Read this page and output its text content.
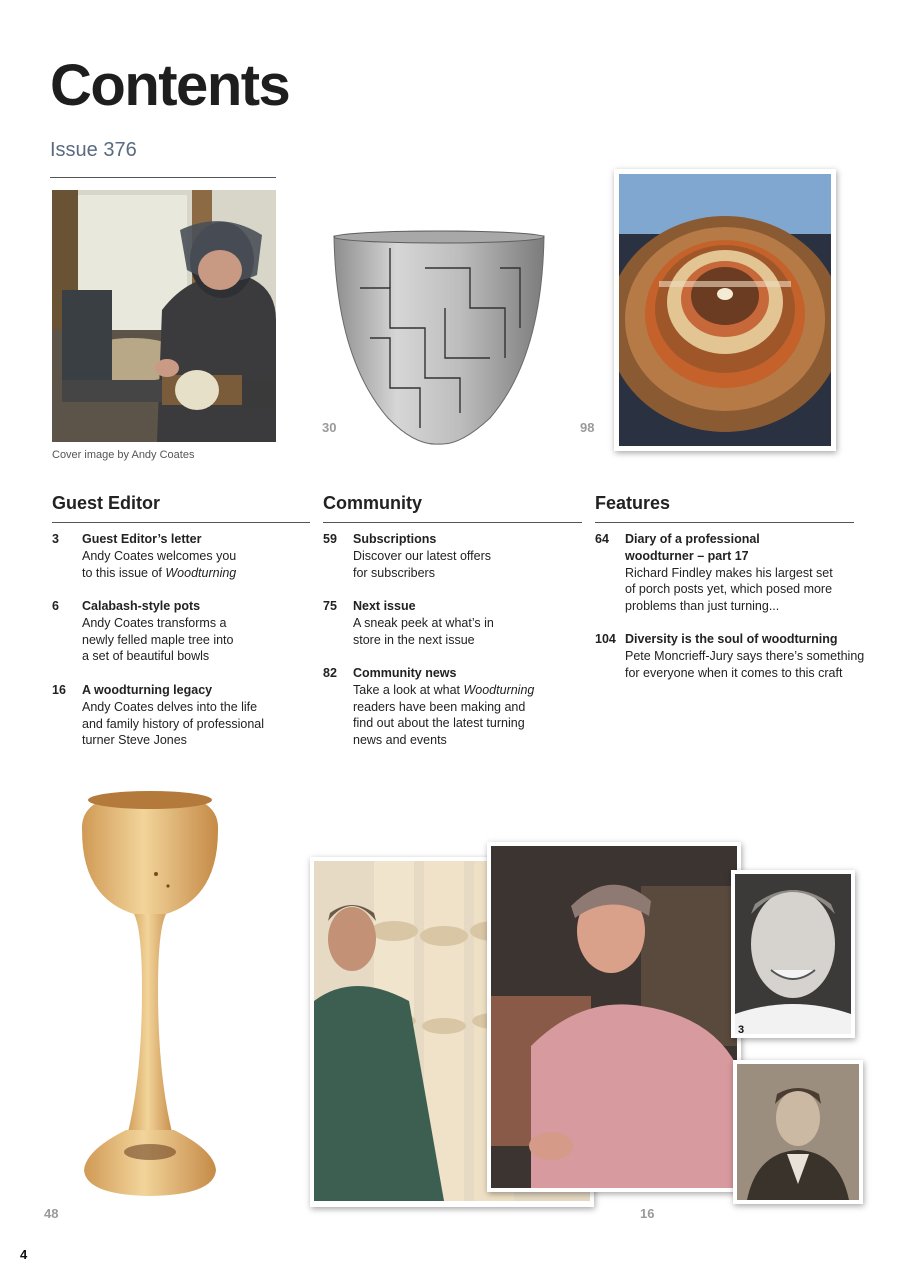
Contents
Issue 376
Cover image by Andy Coates
30	98
Guest Editor	Community	Features
3 Guest Editor’s letter
Andy Coates welcomes you
to this issue of Woodturning
6 Calabash-style pots
Andy Coates transforms a
newly felled maple tree into
a set of beautiful bowls
16 A woodturning legacy
Andy Coates delves into the life
and family history of professional
turner Steve Jones
59 Subscriptions
Discover our latest offers
for subscribers
75 Next issue
A sneak peek at what’s in
store in the next issue
82 Community news
Take a look at what Woodturning
readers have been making and
find out about the latest turning
news and events
64 Diary of a professional
woodturner – part 17
Richard Findley makes his largest set
of porch posts yet, which posed more
problems than just turning...
104 Diversity is the soul of woodturning
Pete Moncrieff-Jury says there’s something
for everyone when it comes to this craft
48
3
16
4
